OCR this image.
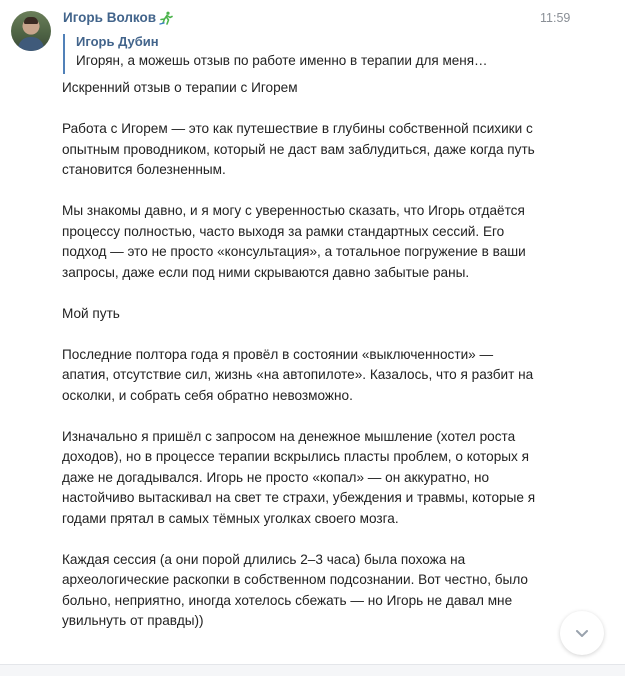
Игорь Волков	11:59
Игорь Дубин
Игорян, а можешь отзыв по работе именно в терапии для меня…

Искренний отзыв о терапии с Игорем

Работа с Игорем — это как путешествие в глубины собственной психики с опытным проводником, который не даст вам заблудиться, даже когда путь становится болезненным.

Мы знакомы давно, и я могу с уверенностью сказать, что Игорь отдаётся процессу полностью, часто выходя за рамки стандартных сессий. Его подход — это не просто «консультация», а тотальное погружение в ваши запросы, даже если под ними скрываются давно забытые раны.

Мой путь

Последние полтора года я провёл в состоянии «выключенности» — апатия, отсутствие сил, жизнь «на автопилоте». Казалось, что я разбит на осколки, и собрать себя обратно невозможно.

Изначально я пришёл с запросом на денежное мышление (хотел роста доходов), но в процессе терапии вскрылись пласты проблем, о которых я даже не догадывался. Игорь не просто «копал» — он аккуратно, но настойчиво вытаскивал на свет те страхи, убеждения и травмы, которые я годами прятал в самых тёмных уголках своего мозга.

Каждая сессия (а они порой длились 2–3 часа) была похожа на археологические раскопки в собственном подсознании. Вот честно, было больно, неприятно, иногда хотелось сбежать — но Игорь не давал мне увильнуть от правды))
